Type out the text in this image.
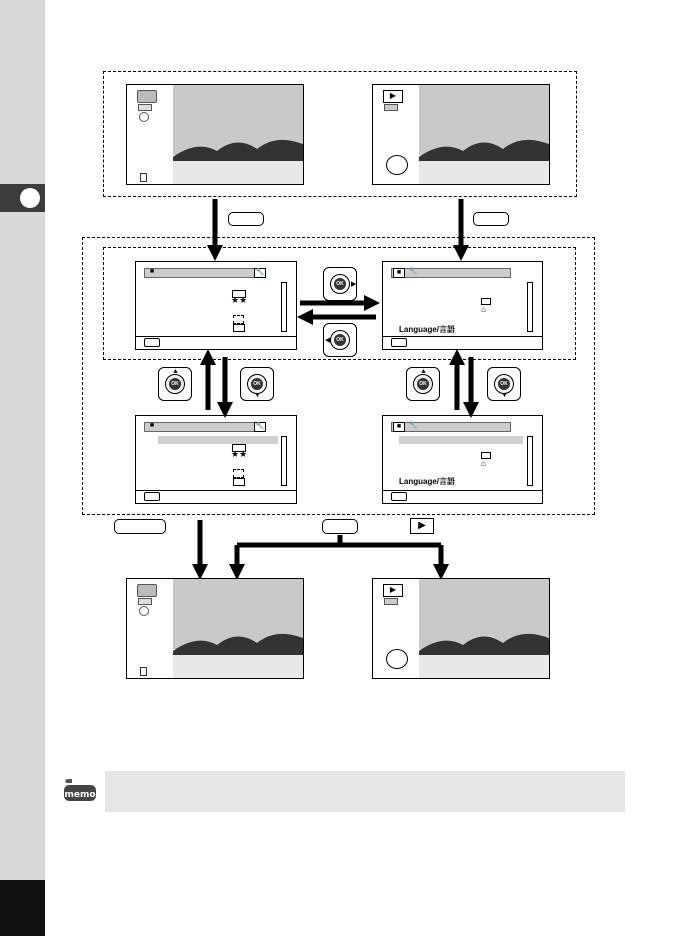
▶
■	🔧
★★
■	🔧
⌂
Language/言語
■	🔧
★★
■	🔧
⌂
Language/言語
OK	▶
OK
◀
OK
▲
OK
▼
OK
▲
OK
▼
▶
▶
memo
